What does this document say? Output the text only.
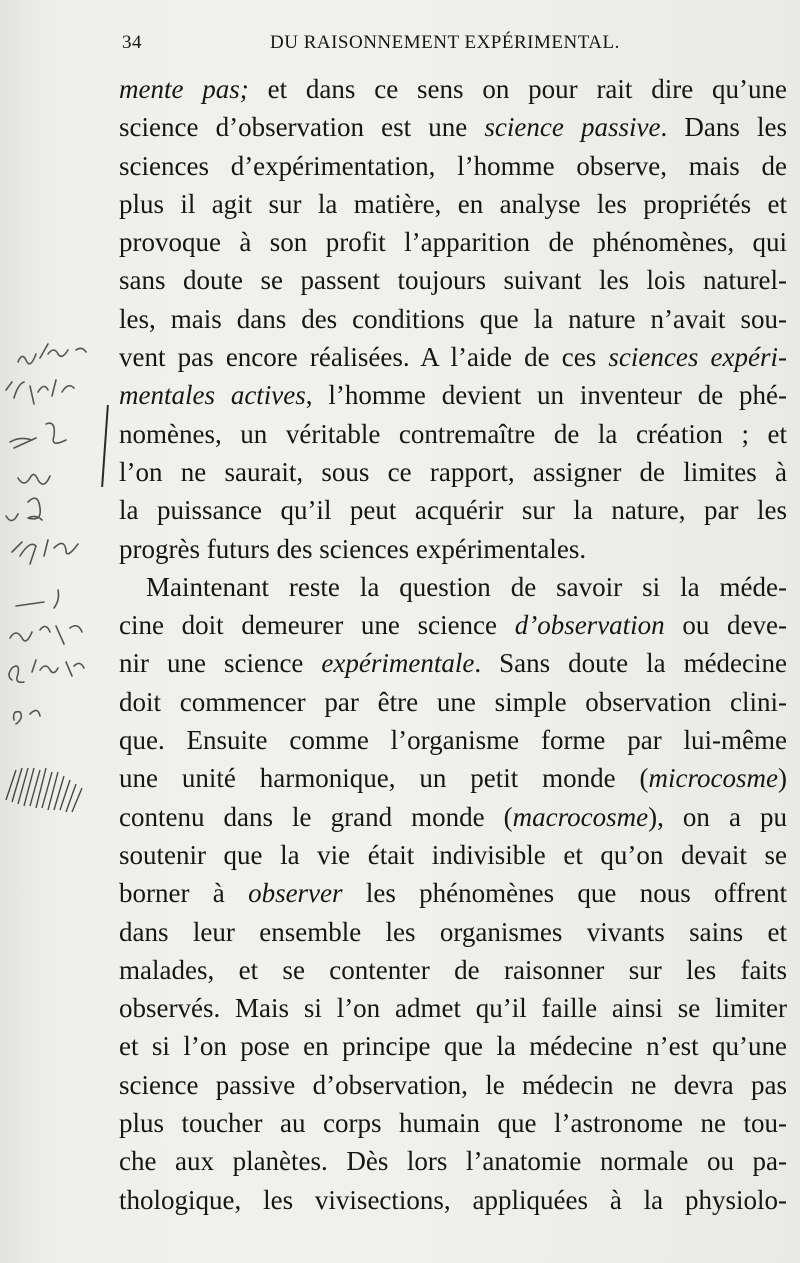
34	DU RAISONNEMENT EXPÉRIMENTAL.
mente pas; et dans ce sens on pour rait dire qu’une
science d’observation est une science passive. Dans les
sciences d’expérimentation, l’homme observe, mais de
plus il agit sur la matière, en analyse les propriétés et
provoque à son profit l’apparition de phénomènes, qui
sans doute se passent toujours suivant les lois naturel-
les, mais dans des conditions que la nature n’avait sou-
vent pas encore réalisées. A l’aide de ces sciences expéri-
mentales actives, l’homme devient un inventeur de phé-
nomènes, un véritable contremaître de la création ; et
l’on ne saurait, sous ce rapport, assigner de limites à
la puissance qu’il peut acquérir sur la nature, par les
progrès futurs des sciences expérimentales.
Maintenant reste la question de savoir si la méde-
cine doit demeurer une science d’observation ou deve-
nir une science expérimentale. Sans doute la médecine
doit commencer par être une simple observation clini-
que. Ensuite comme l’organisme forme par lui-même
une unité harmonique, un petit monde (microcosme)
contenu dans le grand monde (macrocosme), on a pu
soutenir que la vie était indivisible et qu’on devait se
borner à observer les phénomènes que nous offrent
dans leur ensemble les organismes vivants sains et
malades, et se contenter de raisonner sur les faits
observés. Mais si l’on admet qu’il faille ainsi se limiter
et si l’on pose en principe que la médecine n’est qu’une
science passive d’observation, le médecin ne devra pas
plus toucher au corps humain que l’astronome ne tou-
che aux planètes. Dès lors l’anatomie normale ou pa-
thologique, les vivisections, appliquées à la physiolo-
